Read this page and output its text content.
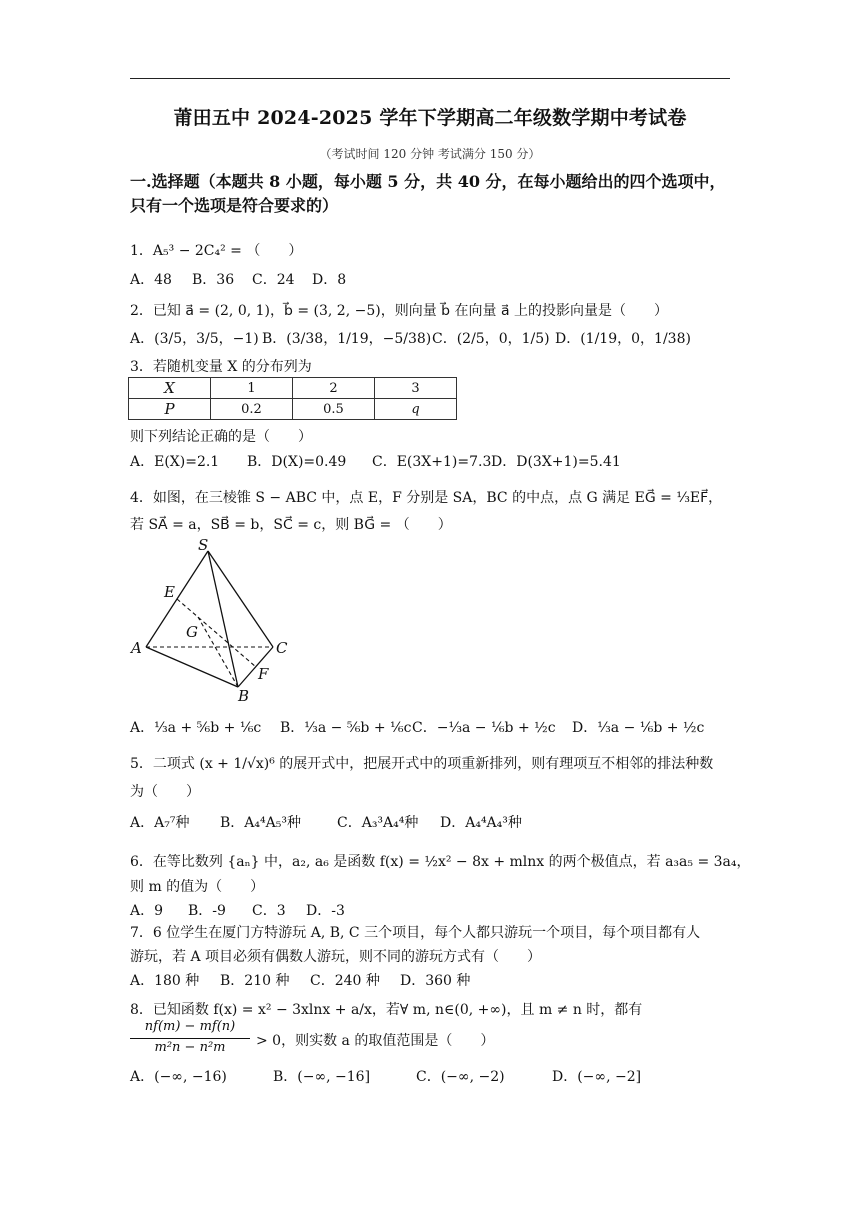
莆田五中 2024-2025 学年下学期高二年级数学期中考试卷
（考试时间 120 分钟 考试满分 150 分）
一.选择题（本题共 8 小题，每小题 5 分，共 40 分，在每小题给出的四个选项中，只有一个选项是符合要求的）
1．A₅³ − 2C₄² = （　　）
A．48 B．36 C．24 D．8
2．已知 a⃗ = (2, 0, 1)，b⃗ = (3, 2, −5)，则向量 b⃗ 在向量 a⃗ 上的投影向量是（　　）
A．(3/5，3/5，−1) B．(3/38，1/19，−5/38) C．(2/5，0，1/5) D．(1/19，0，1/38)
3．若随机变量 X 的分布列为
X	1	2	3
P	0.2	0.5	q
则下列结论正确的是（　　）
A．E(X)=2.1 B．D(X)=0.49 C．E(3X+1)=7.3 D．D(3X+1)=5.41
4．如图，在三棱锥 S − ABC 中，点 E，F 分别是 SA，BC 的中点，点 G 满足 EG⃗ = ⅓EF⃗，
若 SA⃗ = a，SB⃗ = b，SC⃗ = c，则 BG⃗ = （　　）
S
E
G
A	C
F
B
A．⅓a + ⅚b + ⅙c B．⅓a − ⅚b + ⅙c C．−⅓a − ⅙b + ½c D．⅓a − ⅙b + ½c
5．二项式 (x + 1/√x)⁶ 的展开式中，把展开式中的项重新排列，则有理项互不相邻的排法种数
为（　　）
A．A₇⁷种 B．A₄⁴A₅³种	C．A₃³A₄⁴种 D．A₄⁴A₄³种
6．在等比数列 {aₙ} 中，a₂, a₆ 是函数 f(x) = ½x² − 8x + mlnx 的两个极值点，若 a₃a₅ = 3a₄，
则 m 的值为（　　）
A．9 B．-9 C．3 D．-3
7．6 位学生在厦门方特游玩 A, B, C 三个项目，每个人都只游玩一个项目，每个项目都有人
游玩，若 A 项目必须有偶数人游玩，则不同的游玩方式有（　　）
A．180 种 B．210 种 C．240 种 D．360 种
8．已知函数 f(x) = x² − 3xlnx + a/x，若∀ m, n∈(0, +∞)，且 m ≠ n 时，都有
nf(m) − mf(n)
m²n − n²m	> 0，则实数 a 的取值范围是（　　）
A．(−∞, −16)	B．(−∞, −16]	C．(−∞, −2)	D．(−∞, −2]
